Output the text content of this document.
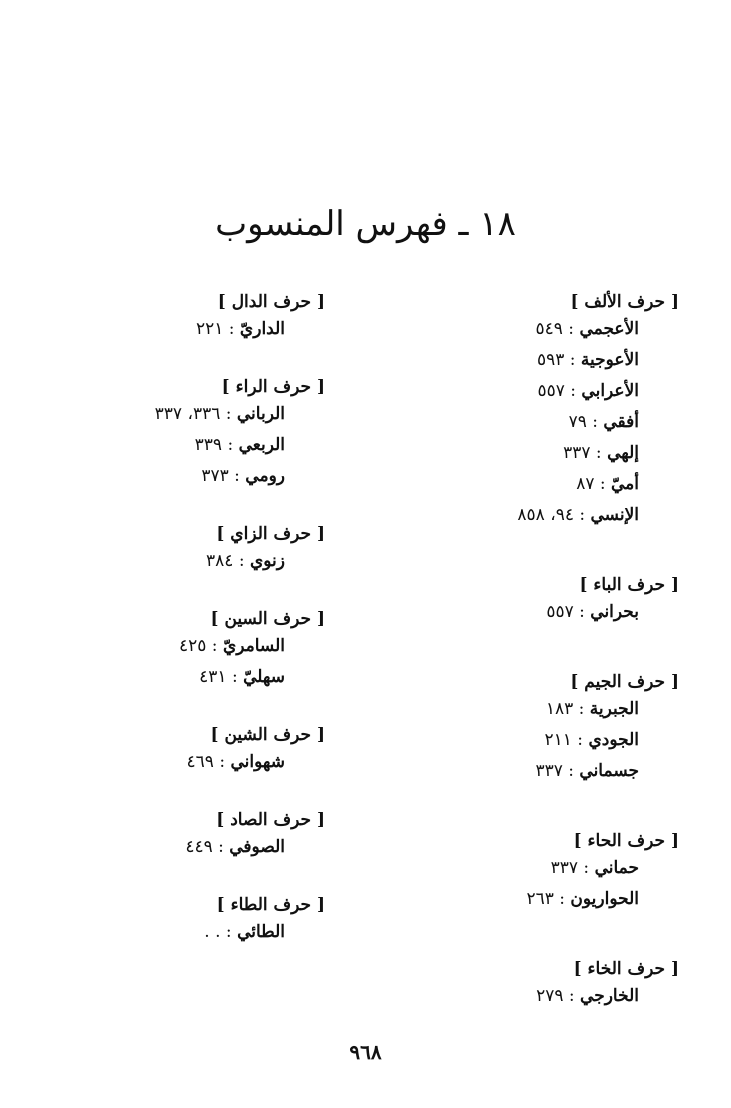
١٨ ـ فهرس المنسوب
[ حرف الألف ]
الأعجمي : ٥٤٩
الأعوجية : ٥٩٣
الأعرابي : ٥٥٧
أفقي : ٧٩
إلهي : ٣٣٧
أميّ : ٨٧
الإنسي : ٩٤، ٨٥٨
[ حرف الباء ]
بحراني : ٥٥٧
[ حرف الجيم ]
الجبرية : ١٨٣
الجودي : ٢١١
جسماني : ٣٣٧
[ حرف الحاء ]
حماني : ٣٣٧
الحواريون : ٢٦٣
[ حرف الخاء ]
الخارجي : ٢٧٩
[ حرف الدال ]
الداريّ : ٢٢١
[ حرف الراء ]
الرباني : ٣٣٦، ٣٣٧
الربعي : ٣٣٩
رومي : ٣٧٣
[ حرف الزاي ]
زنوي : ٣٨٤
[ حرف السين ]
السامريّ : ٤٢٥
سهليّ : ٤٣١
[ حرف الشين ]
شهواني : ٤٦٩
[ حرف الصاد ]
الصوفي : ٤٤٩
[ حرف الطاء ]
الطائي : . .
٩٦٨
